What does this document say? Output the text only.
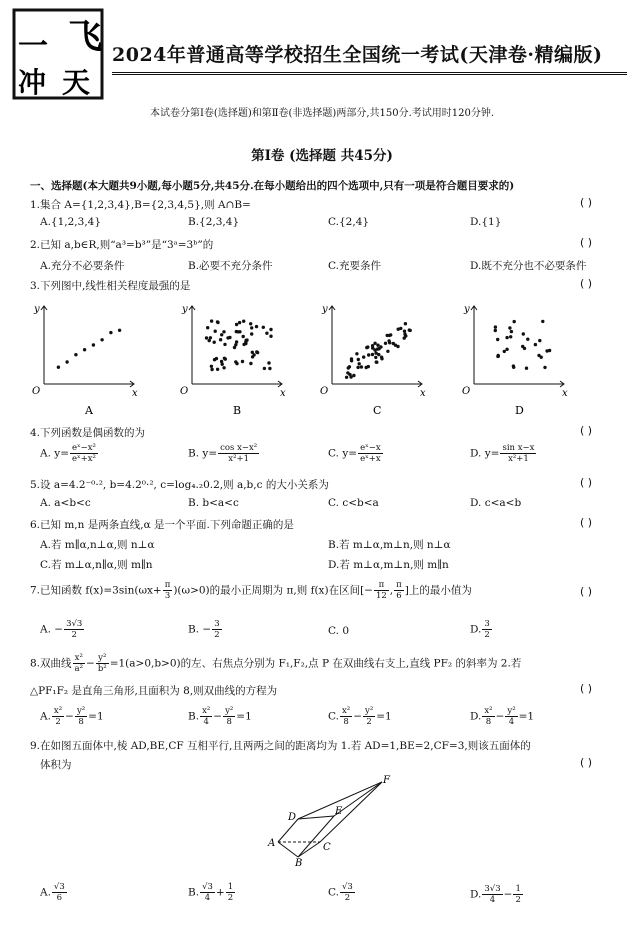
飞
一
冲 天
2024年普通高等学校招生全国统一考试(天津卷·精编版)
本试卷分第Ⅰ卷(选择题)和第Ⅱ卷(非选择题)两部分,共150分.考试用时120分钟.
第Ⅰ卷 (选择题 共45分)
一、选择题(本大题共9小题,每小题5分,共45分.在每小题给出的四个选项中,只有一项是符合题目要求的)
1.集合 A={1,2,3,4},B={2,3,4,5},则 A∩B=	( )
A.{1,2,3,4}	B.{2,3,4}	C.{2,4}	D.{1}
2.已知 a,b∈R,则“a³=b³”是“3ᵃ=3ᵇ”的	( )
A.充分不必要条件	B.必要不充分条件	C.充要条件	D.既不充分也不必要条件
3.下列图中,线性相关程度最强的是	( )
y
x
O
A
y
x
O
B
y
x
O
C
y
x
O
D
4.下列函数是偶函数的为	( )
A. $y= \frac{\text{eˣ−x²}}{\text{eˣ+x²}}$	B. $y= \frac{\text{cos x−x²}}{\text{x²+1}}$	C. $y= \frac{\text{eˣ−x}}{\text{eˣ+x}}$	D. $y= \frac{\text{sin x−x}}{\text{x²+1}}$
5.设 a=4.2⁻⁰·², b=4.2⁰·², c=log₄.₂0.2,则 a,b,c 的大小关系为	( )
A. a<b<c	B. b<a<c	C. c<b<a	D. c<a<b
6.已知 m,n 是两条直线,α 是一个平面.下列命题正确的是	( )
A.若 m∥α,n⊥α,则 n⊥α	B.若 m⊥α,m⊥n,则 n⊥α
C.若 m⊥α,n∥α,则 m∥n	D.若 m⊥α,m⊥n,则 m∥n
7.已知函数 $f(x)=3\sin(\omega x+ \frac{\pi}{3} )(\omega>0)$的最小正周期为 π,则 f(x)在区间[− $\frac{\pi}{12}$ , $\frac{\pi}{6}$ ]上的最小值为	( )
A. − $\frac{3√3}{2}$	B. − $\frac{3}{2}$	C. 0	D. $\frac{3}{2}$
8.双曲线 $\frac{\text{x²}}{\text{a²}} - \frac{\text{y²}}{\text{b²}} =1(a>0,b>0)$的左、右焦点分别为 F₁,F₂,点 P 在双曲线右支上,直线 PF₂ 的斜率为 2.若
△PF₁F₂ 是直角三角形,且面积为 8,则双曲线的方程为	( )
A. $\frac{\text{x²}}{2} - \frac{\text{y²}}{8} =1$	B. $\frac{\text{x²}}{4} - \frac{\text{y²}}{8} =1$	C. $\frac{\text{x²}}{8} - \frac{\text{y²}}{2} =1$	D. $\frac{\text{x²}}{8} - \frac{\text{y²}}{4} =1$
9.在如图五面体中,棱 AD,BE,CF 互相平行,且两两之间的距离均为 1.若 AD=1,BE=2,CF=3,则该五面体的
体积为	( )
A
B
C
D
E
F
A. $\frac{√3}{6}$	B. $\frac{√3}{4} + \frac{1}{2}$	C. $\frac{√3}{2}$	D. $\frac{3√3}{4} - \frac{1}{2}$
